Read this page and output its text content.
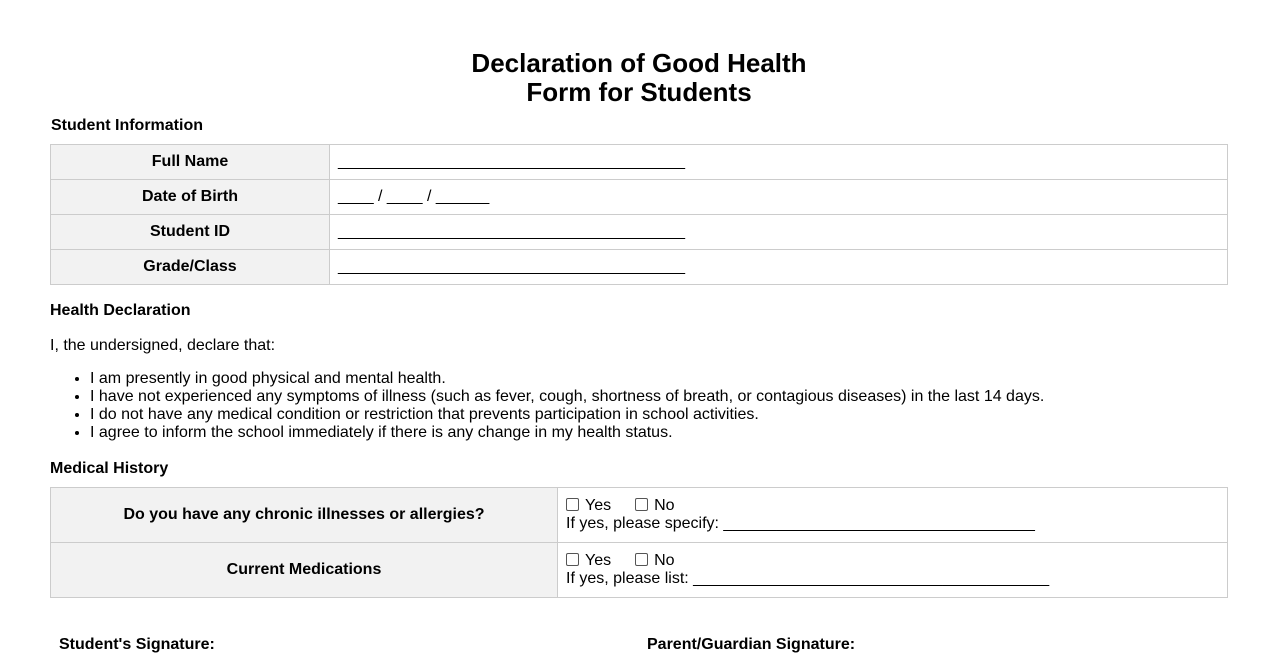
Declaration of Good Health
Form for Students
Student Information
Full Name	_______________________________________
Date of Birth	____ / ____ / ______
Student ID	_______________________________________
Grade/Class	_______________________________________
Health Declaration

I, the undersigned, declare that:

• I am presently in good physical and mental health.
• I have not experienced any symptoms of illness (such as fever, cough, shortness of breath, or contagious diseases) in the last 14 days.
• I do not have any medical condition or restriction that prevents participation in school activities.
• I agree to inform the school immediately if there is any change in my health status.
Medical History
Do you have any chronic illnesses or allergies?	Yes No
If yes, please specify: ___________________________________
Current Medications	Yes No
If yes, please list: ________________________________________
Student's Signature:	Parent/Guardian Signature:
